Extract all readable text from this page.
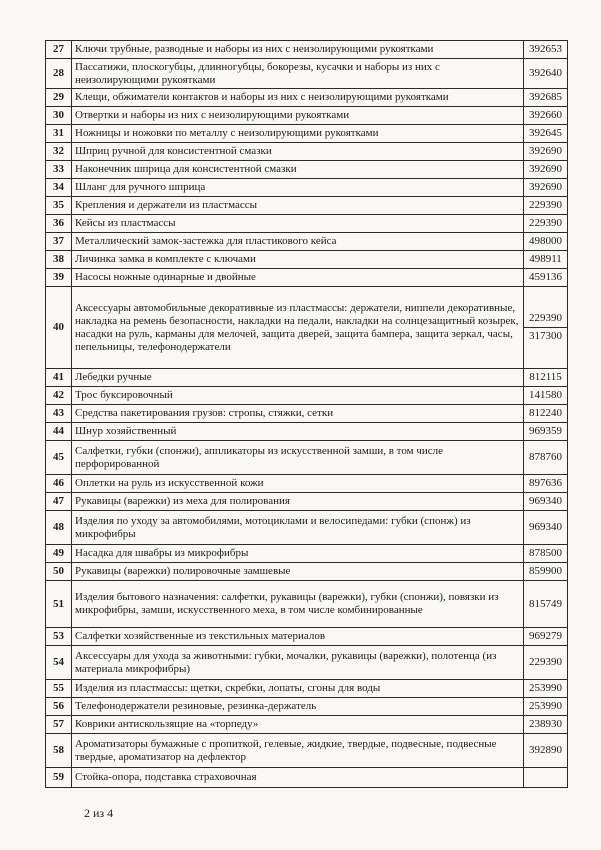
27	Ключи трубные, разводные и наборы из них с неизолирующими рукоятками	392653

28	Пассатижи, плоскогубцы, длинногубцы, бокорезы, кусачки и наборы из них с неизолирующими рукоятками	392640

29	Клещи, обжиматели контактов и наборы из них с неизолирующими рукоятками	392685

30	Отвертки и наборы из них с неизолирующими рукоятками	392660

31	Ножницы и ножовки по металлу с неизолирующими рукоятками	392645

32	Шприц ручной для консистентной смазки	392690

33	Наконечник шприца для консистентной смазки	392690

34	Шланг для ручного шприца	392690

35	Крепления и держатели из пластмассы	229390

36	Кейсы из пластмассы	229390

37	Металлический замок-застежка для пластикового кейса	498000

38	Личинка замка в комплекте с ключами	498911

39	Насосы ножные одинарные и двойные	459136

40	Аксессуары автомобильные декоративные из пластмассы: держатели, ниппели декоративные, накладка на ремень безопасности, накладки на педали, накладки на солнцезащитный козырек, насадки на руль, карманы для мелочей, защита дверей, защита бампера, защита зеркал, часы, пепельницы, телефонодержатели	229390
317300

41	Лебедки ручные	812115

42	Трос буксировочный	141580

43	Средства пакетирования грузов: стропы, стяжки, сетки	812240

44	Шнур хозяйственный	969359

45	Салфетки, губки (спонжи), аппликаторы из искусственной замши, в том числе перфорированной	878760

46	Оплетки на руль из искусственной кожи	897636

47	Рукавицы (варежки) из меха для полирования	969340

48	Изделия по уходу за автомобилями, мотоциклами и велосипедами: губки (спонж) из микрофибры	969340

49	Насадка для швабры из микрофибры	878500

50	Рукавицы (варежки) полировочные замшевые	859900

51	Изделия бытового назначения: салфетки, рукавицы (варежки), губки (спонжи), повязки из микрофибры, замши, искусственного меха, в том числе комбинированные	815749

53	Салфетки хозяйственные из текстильных материалов	969279

54	Аксессуары для ухода за животными: губки, мочалки, рукавицы (варежки), полотенца (из материала микрофибры)	229390

55	Изделия из пластмассы: щетки, скребки, лопаты, сгоны для воды	253990

56	Телефонодержатели резиновые, резинка-держатель	253990

57	Коврики антискользящие на «торпеду»	238930

58	Ароматизаторы бумажные с пропиткой, гелевые, жидкие, твердые, подвесные, подвесные твердые, ароматизатор на дефлектор	392890

59	Стойка-опора, подставка страховочная	
2 из 4
